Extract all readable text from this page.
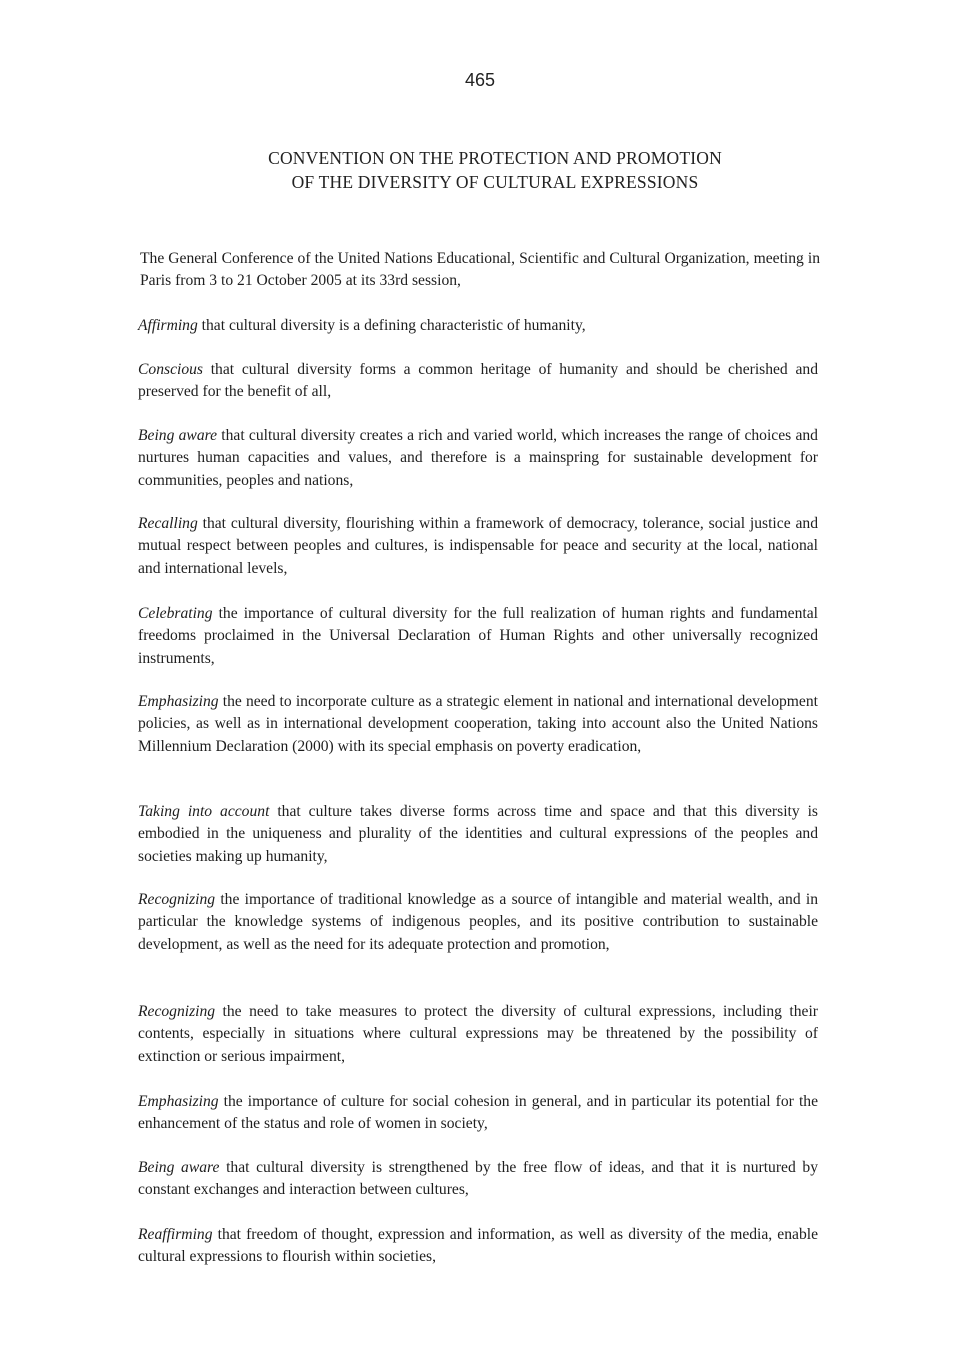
465
CONVENTION ON THE PROTECTION AND PROMOTION
OF THE DIVERSITY OF CULTURAL EXPRESSIONS

The General Conference of the United Nations Educational, Scientific and Cultural Organization, meeting in Paris from 3 to 21 October 2005 at its 33rd session,

Affirming that cultural diversity is a defining characteristic of humanity,

Conscious that cultural diversity forms a common heritage of humanity and should be cherished and preserved for the benefit of all,

Being aware that cultural diversity creates a rich and varied world, which increases the range of choices and nurtures human capacities and values, and therefore is a mainspring for sustainable development for communities, peoples and nations,

Recalling that cultural diversity, flourishing within a framework of democracy, tolerance, social justice and mutual respect between peoples and cultures, is indispensable for peace and security at the local, national and international levels,

Celebrating the importance of cultural diversity for the full realization of human rights and fundamental freedoms proclaimed in the Universal Declaration of Human Rights and other universally recognized instruments,

Emphasizing the need to incorporate culture as a strategic element in national and international development policies, as well as in international development cooperation, taking into account also the United Nations Millennium Declaration (2000) with its special emphasis on poverty eradication,

Taking into account that culture takes diverse forms across time and space and that this diversity is embodied in the uniqueness and plurality of the identities and cultural expressions of the peoples and societies making up humanity,

Recognizing the importance of traditional knowledge as a source of intangible and material wealth, and in particular the knowledge systems of indigenous peoples, and its positive contribution to sustainable development, as well as the need for its adequate protection and promotion,

Recognizing the need to take measures to protect the diversity of cultural expressions, including their contents, especially in situations where cultural expressions may be threatened by the possibility of extinction or serious impairment,

Emphasizing the importance of culture for social cohesion in general, and in particular its potential for the enhancement of the status and role of women in society,

Being aware that cultural diversity is strengthened by the free flow of ideas, and that it is nurtured by constant exchanges and interaction between cultures,

Reaffirming that freedom of thought, expression and information, as well as diversity of the media, enable cultural expressions to flourish within societies,
